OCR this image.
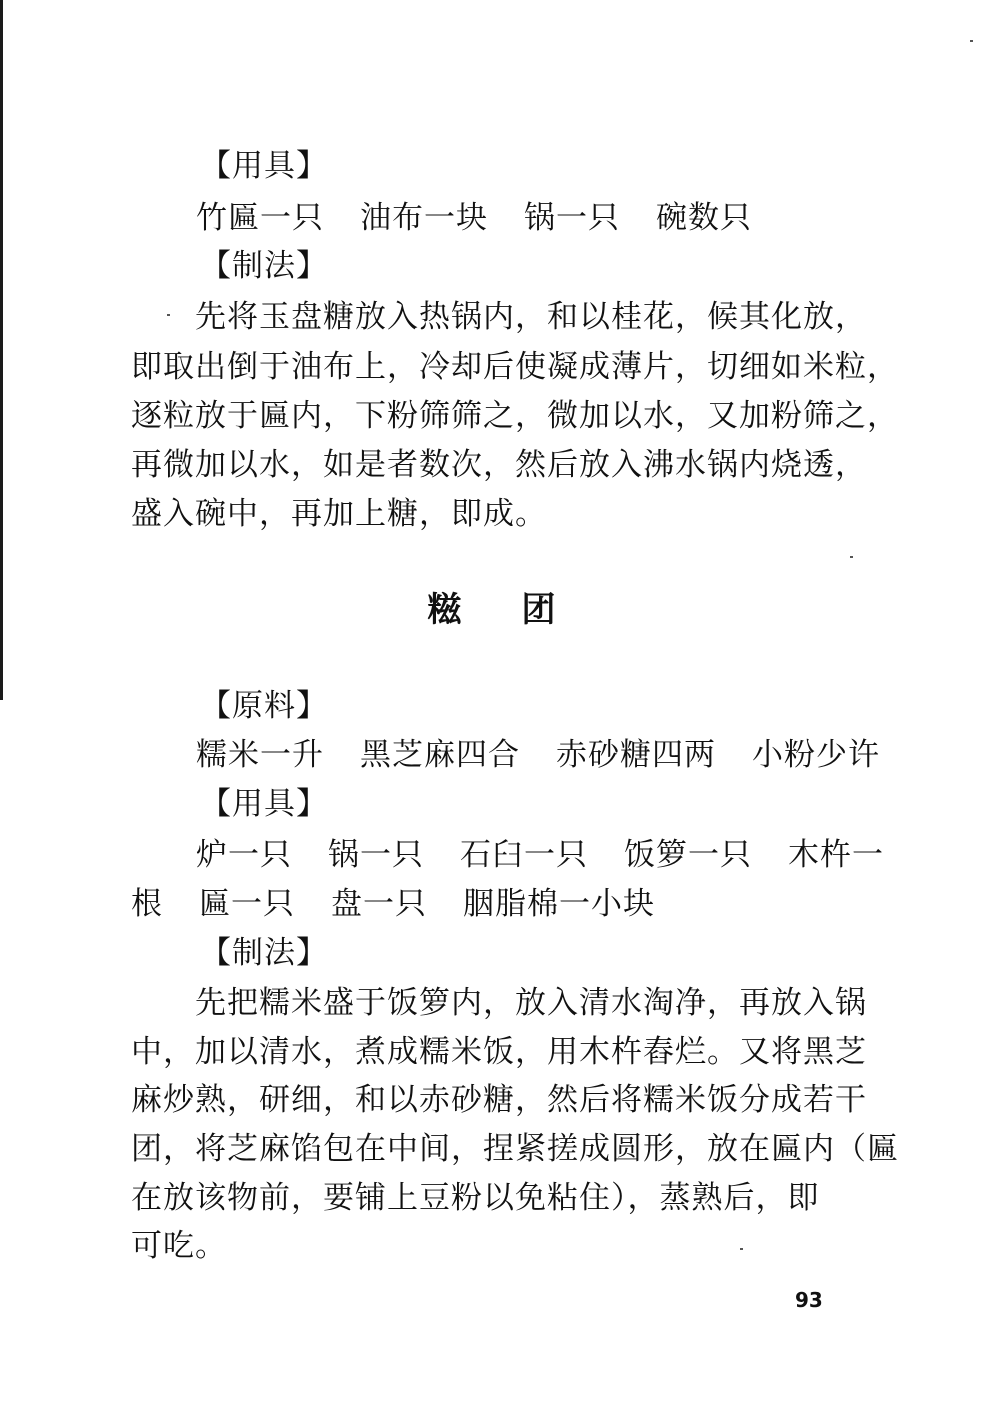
【用具】
竹匾一只 油布一块 锅一只 碗数只
【制法】
先将玉盘糖放入热锅内，和以桂花，候其化放，
即取出倒于油布上，冷却后使凝成薄片，切细如米粒，
逐粒放于匾内，下粉筛筛之，微加以水，又加粉筛之，
再微加以水，如是者数次，然后放入沸水锅内烧透，
盛入碗中，再加上糖，即成。
糍团
【原料】
糯米一升 黑芝麻四合 赤砂糖四两 小粉少许
【用具】
炉一只 锅一只 石臼一只 饭箩一只 木杵一
根 匾一只 盘一只 胭脂棉一小块
【制法】
先把糯米盛于饭箩内，放入清水淘净，再放入锅
中，加以清水，煮成糯米饭，用木杵舂烂。又将黑芝
麻炒熟，研细，和以赤砂糖，然后将糯米饭分成若干
团，将芝麻馅包在中间，捏紧搓成圆形，放在匾内（匾
在放该物前，要铺上豆粉以免粘住），蒸熟后，即
可吃。
93
